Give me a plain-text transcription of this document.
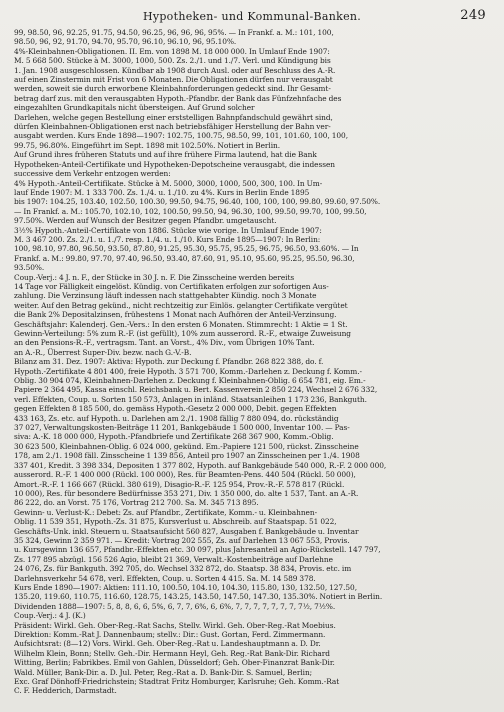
Hypotheken- und Kommunal-Banken.	249
99, 98.50, 96, 92.25, 91.75, 94.50, 96.25, 96, 96, 96, 95%. — In Frankf. a. M.: 101, 100,
98.50, 96, 92, 91.70, 94.70, 95.70, 96.10, 96.10, 96, 95.10%.
4%-Kleinbahnen-Obligationen. II. Em. von 1898 M. 18 000 000. In Umlauf Ende 1907:
M. 5 668 500. Stücke à M. 3000, 1000, 500. Zs. 2./1. und 1./7. Verl. und Kündigung bis
1. Jan. 1908 ausgeschlossen. Kündbar ab 1908 durch Ausl. oder auf Beschluss des A.-R.
auf einen Zinstermin mit Frist von 6 Monaten. Die Obligationen dürfen nur verausgabt
werden, soweit sie durch erworbene Kleinbahnforderungen gedeckt sind. Ihr Gesamt-
betrag darf zus. mit den verausgabten Hypoth.-Pfandbr. der Bank das Fünfzehnfache des
eingezahlten Grundkapitals nicht übersteigen. Auf Grund solcher
Darlehen, welche gegen Bestellung einer erststelligen Bahnpfandschuld gewährt sind,
dürfen Kleinbahnen-Obligationen erst nach betriebsfähiger Herstellung der Bahn ver-
ausgabt werden. Kurs Ende 1898—1907: 102.75, 100.75, 98.50, 99, 101, 101.60, 100, 100,
99.75, 96.80%. Eingeführt im Sept. 1898 mit 102.50%. Notiert in Berlin.
Auf Grund ihres früheren Statuts und auf ihre frühere Firma lautend, hat die Bank
Hypotheken-Anteil-Certifikate und Hypotheken-Depotscheine verausgabt, die indessen
successive dem Verkehr entzogen werden:
4% Hypoth.-Anteil-Certifikate. Stücke à M. 5000, 3000, 1000, 500, 300, 100. In Um-
lauf Ende 1907: M. 1 333 700. Zs. 1./4. u. 1./10. zu 4%. Kurs in Berlin Ende 1895
bis 1907: 104.25, 103.40, 102.50, 100.30, 99.50, 94.75, 96.40, 100, 100, 100, 99.80, 99.60, 97.50%.
— In Frankf. a. M.: 105.70, 102.10, 102, 100.50, 99.50, 94, 96.30, 100, 99.50, 99.70, 100, 99.50,
97.50%. Werden auf Wunsch der Besitzer gegen Pfandbr. umgetauscht.
3½% Hypoth.-Anteil-Certifikate von 1886. Stücke wie vorige. In Umlauf Ende 1907:
M. 3 467 200. Zs. 2./1. u. 1./7. resp. 1./4. u. 1./10. Kurs Ende 1895—1907: In Berlin:
100, 98.10, 97.80, 96.50, 93.50, 87.80, 91.25, 95.30, 95.75, 95.25, 96.75, 96.50, 93.60%. — In
Frankf. a. M.: 99.80, 97.70, 97.40, 96.50, 93.40, 87.60, 91, 95.10, 95.60, 95.25, 95.50, 96.30,
93.50%.
Coup.-Verj.: 4 J. n. F., der Stücke in 30 J. n. F. Die Zinsscheine werden bereits
14 Tage vor Fälligkeit eingelöst. Kündig. von Certifikaten erfolgen zur sofortigen Aus-
zahlung. Die Verzinsung läuft indessen nach stattgehabter Kündig. noch 3 Monate
weiter. Auf den Betrag gekünd., nicht rechtzeitig zur Einlös. gelangter Certifikate vergütet
die Bank 2% Depositalzinsen, frühestens 1 Monat nach Aufhören der Anteil-Verzinsung.
Geschäftsjahr: Kalenderj. Gen.-Vers.: In den ersten 6 Monaten. Stimmrecht: 1 Aktie = 1 St.
Gewinn-Verteilung: 5% zum R.-F. (ist gefüllt), 10% zum ausserord. R.-F., etwaige Zuweisung
an den Pensions-R.-F., vertragsm. Tant. an Vorst., 4% Div., vom Übrigen 10% Tant.
an A.-R., Überrest Super-Div. bezw. nach G.-V.-B.
Bilanz am 31. Dez. 1907: Aktiva: Hypoth. zur Deckung f. Pfandbr. 268 822 388, do. f.
Hypoth.-Zertifikate 4 801 400, freie Hypoth. 3 571 700, Komm.-Darlehen z. Deckung f. Komm.-
Oblig. 30 904 074, Kleinbahnen-Darlehen z. Deckung f. Kleinbahnen-Oblig. 6 654 781, eig. Em.-
Papiere 2 364 495, Kassa einschl. Reichsbank u. Bert. Kassenverein 2 850 224, Wechsel 2 676 332,
verl. Effekten, Coup. u. Sorten 150 573, Anlagen in inländ. Staatsanleihen 1 173 236, Bankguth.
gegen Effekten 8 185 500, do. gemäss Hypoth.-Gesetz 2 000 000, Debit. gegen Effekten
433 163, Zs. etc. auf Hypoth. u. Darlehen am 2./1. 1908 fällig 7 880 094, do. rückständig
37 027, Verwaltungskosten-Beiträge 11 201, Bankgebäude 1 500 000, Inventar 100. — Pas-
siva: A.-K. 18 000 000, Hypoth.-Pfandbriefe und Zertifikate 268 367 900, Komm.-Oblig.
30 623 500, Kleinbahnen-Oblig. 6 024 000, gekünd. Em.-Papiere 121 500, rückst. Zinsscheine
178, am 2./1. 1908 fäll. Zinsscheine 1 139 856, Anteil pro 1907 an Zinsscheinen per 1./4. 1908
337 401, Kredit. 3 398 334, Depositen 1 377 802, Hypoth. auf Bankgebäude 540 000, R.-F. 2 000 000,
ausserord. R.-F. 1 400 000 (Rückl. 100 000), Res. für Beamten-Pens. 440 504 (Rückl. 50 000),
Amort.-R.-F. 1 166 667 (Rückl. 380 619), Disagio-R.-F. 125 954, Prov.-R.-F. 578 817 (Rückl.
10 000), Res. für besondere Bedürfnisse 353 271, Div. 1 350 000, do. alte 1 537, Tant. an A.-R.
86 222, do. an Vorst. 75 176, Vortrag 212 700. Sa. M. 345 713 895.
Gewinn- u. Verlust-K.: Debet: Zs. auf Pfandbr., Zertifikate, Komm.- u. Kleinbahnen-
Oblig. 11 539 351, Hypoth.-Zs. 31 875, Kursverlust u. Abschreib. auf Staatspap. 51 022,
Geschäfts-Unk. inkl. Steuern u. Staatsaufsicht 560 827, Ausgaben f. Bankgebäude u. Inventar
35 324, Gewinn 2 359 971. — Kredit: Vortrag 202 555, Zs. auf Darlehen 13 067 553, Provis.
u. Kursgewinn 136 657, Pfandbr.-Effekten etc. 30 097, plus Jahresanteil an Agio-Rückstell. 147 797,
Zs. 177 895 abzügl. 156 526 Agio, bleibt 21 369, Verwalt.-Kostenbeiträge auf Darlehne
24 076, Zs. für Bankguth. 392 705, do. Wechsel 332 872, do. Staatsp. 38 834, Provis. etc. im
Darlehnsverkehr 54 678, verl. Effekten, Coup. u. Sorten 4 415. Sa. M. 14 589 378.
Kurs Ende 1890—1907: Aktien: 111.10, 100.50, 104.10, 104.30, 115.80, 130, 132.50, 127.50,
135.20, 119.60, 110.75, 116.60, 128.75, 143.25, 143.50, 147.50, 147.30, 135.30%. Notiert in Berlin.
Dividenden 1888—1907: 5, 8, 8, 6, 6, 5%, 6, 7, 7, 6%, 6, 6%, 7, 7, 7, 7, 7, 7, 7, 7½, 7½%.
Coup.-Verj.: 4 J. (K.)
Präsident: Wirkl. Geh. Ober-Reg.-Rat Sachs, Stellv. Wirkl. Geh. Ober-Reg.-Rat Moebius.
Direktion: Komm.-Rat J. Dannenbaum; stellv.: Dir.: Gust. Gortan, Ferd. Zimmermann.
Aufsichtsrat: (8—12) Vors. Wirkl. Geh. Ober-Reg.-Rat u. Landeshauptmann a. D. Dr.
Wilhelm Klein, Bonn; Stellv. Geh.-Dir. Hermann Heyl, Geh. Reg.-Rat Bank-Dir. Richard
Witting, Berlin; Fabrikbes. Emil von Gahlen, Düsseldorf; Geh. Ober-Finanzrat Bank-Dir.
Wald. Müller, Bank-Dir. a. D. Jul. Peter, Reg.-Rat a. D. Bank-Dir. S. Samuel, Berlin;
Exc. Graf Dönhoff-Friedrichstein; Stadtrat Fritz Homburger, Karlsruhe; Geh. Komm.-Rat
C. F. Hedderich, Darmstadt.
